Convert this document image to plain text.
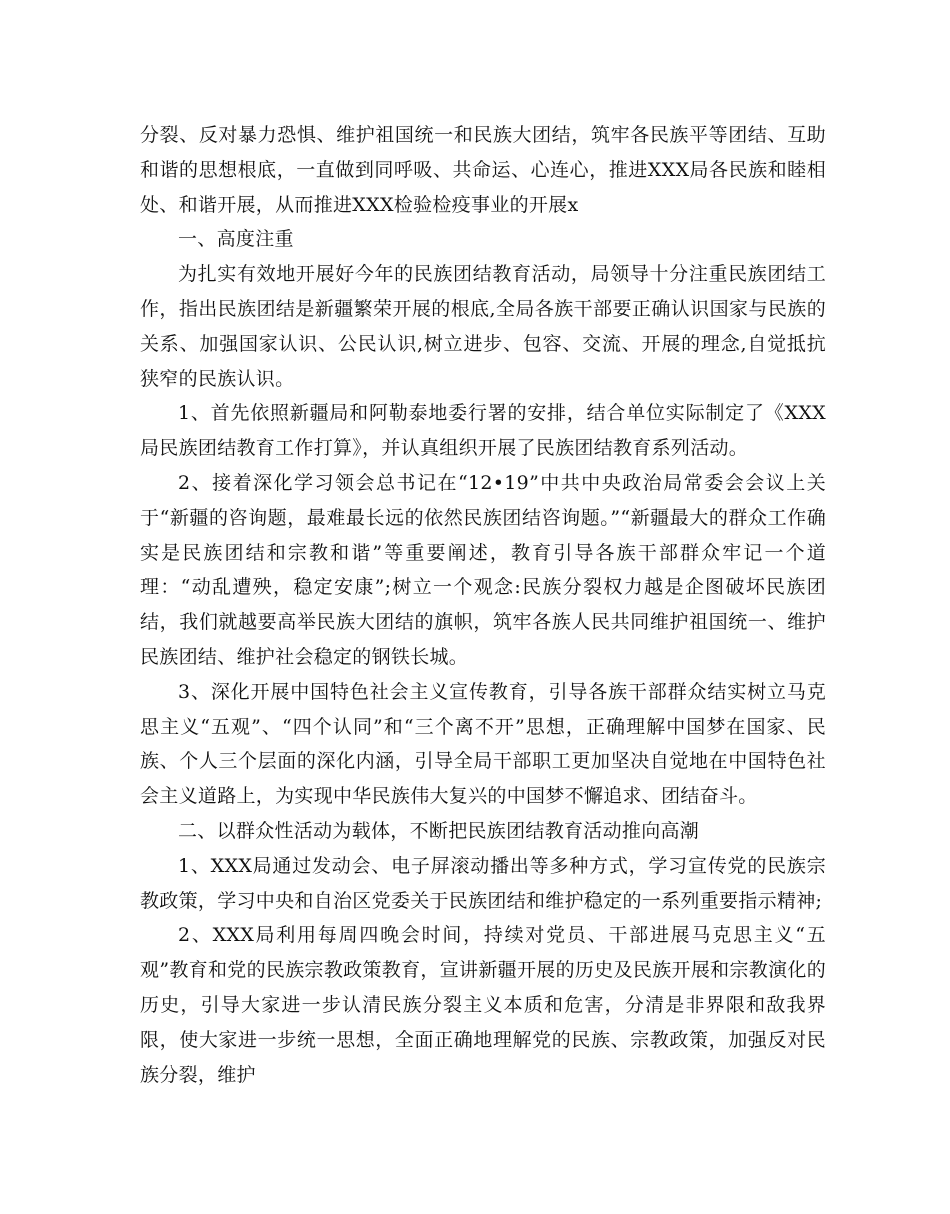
分裂、反对暴力恐惧、维护祖国统一和民族大团结，筑牢各民族平等团结、互助和谐的思想根底，一直做到同呼吸、共命运、心连心，推进XXX局各民族和睦相处、和谐开展，从而推进XXX检验检疫事业的开展x

一、高度注重

为扎实有效地开展好今年的民族团结教育活动，局领导十分注重民族团结工作，指出民族团结是新疆繁荣开展的根底,全局各族干部要正确认识国家与民族的关系、加强国家认识、公民认识,树立进步、包容、交流、开展的理念,自觉抵抗狭窄的民族认识。

1、首先依照新疆局和阿勒泰地委行署的安排，结合单位实际制定了《XXX局民族团结教育工作打算》，并认真组织开展了民族团结教育系列活动。

2、接着深化学习领会总书记在“12•19”中共中央政治局常委会会议上关于“新疆的咨询题，最难最长远的依然民族团结咨询题。”“新疆最大的群众工作确实是民族团结和宗教和谐”等重要阐述，教育引导各族干部群众牢记一个道理：“动乱遭殃，稳定安康”;树立一个观念:民族分裂权力越是企图破坏民族团结，我们就越要高举民族大团结的旗帜，筑牢各族人民共同维护祖国统一、维护民族团结、维护社会稳定的钢铁长城。

3、深化开展中国特色社会主义宣传教育，引导各族干部群众结实树立马克思主义“五观”、“四个认同”和“三个离不开”思想，正确理解中国梦在国家、民族、个人三个层面的深化内涵，引导全局干部职工更加坚决自觉地在中国特色社会主义道路上，为实现中华民族伟大复兴的中国梦不懈追求、团结奋斗。

二、以群众性活动为载体，不断把民族团结教育活动推向高潮

1、XXX局通过发动会、电子屏滚动播出等多种方式，学习宣传党的民族宗教政策，学习中央和自治区党委关于民族团结和维护稳定的一系列重要指示精神;

2、XXX局利用每周四晚会时间，持续对党员、干部进展马克思主义“五观”教育和党的民族宗教政策教育，宣讲新疆开展的历史及民族开展和宗教演化的历史，引导大家进一步认清民族分裂主义本质和危害，分清是非界限和敌我界限，使大家进一步统一思想，全面正确地理解党的民族、宗教政策，加强反对民族分裂，维护
